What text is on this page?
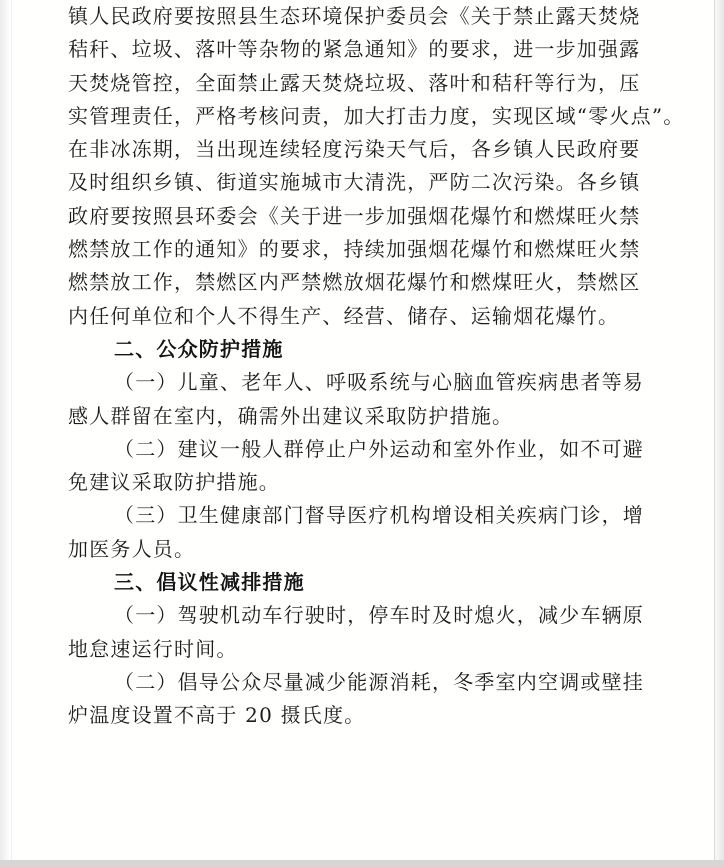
镇人民政府要按照县生态环境保护委员会《关于禁止露天焚烧
秸秆、垃圾、落叶等杂物的紧急通知》的要求，进一步加强露
天焚烧管控，全面禁止露天焚烧垃圾、落叶和秸秆等行为，压
实管理责任，严格考核问责，加大打击力度，实现区域“零火点”。
在非冰冻期，当出现连续轻度污染天气后，各乡镇人民政府要
及时组织乡镇、街道实施城市大清洗，严防二次污染。各乡镇
政府要按照县环委会《关于进一步加强烟花爆竹和燃煤旺火禁
燃禁放工作的通知》的要求，持续加强烟花爆竹和燃煤旺火禁
燃禁放工作，禁燃区内严禁燃放烟花爆竹和燃煤旺火，禁燃区
内任何单位和个人不得生产、经营、储存、运输烟花爆竹。
二、公众防护措施
（一）儿童、老年人、呼吸系统与心脑血管疾病患者等易
感人群留在室内，确需外出建议采取防护措施。
（二）建议一般人群停止户外运动和室外作业，如不可避
免建议采取防护措施。
（三）卫生健康部门督导医疗机构增设相关疾病门诊，增
加医务人员。
三、倡议性减排措施
（一）驾驶机动车行驶时，停车时及时熄火，减少车辆原
地怠速运行时间。
（二）倡导公众尽量减少能源消耗，冬季室内空调或壁挂
炉温度设置不高于 20 摄氏度。
